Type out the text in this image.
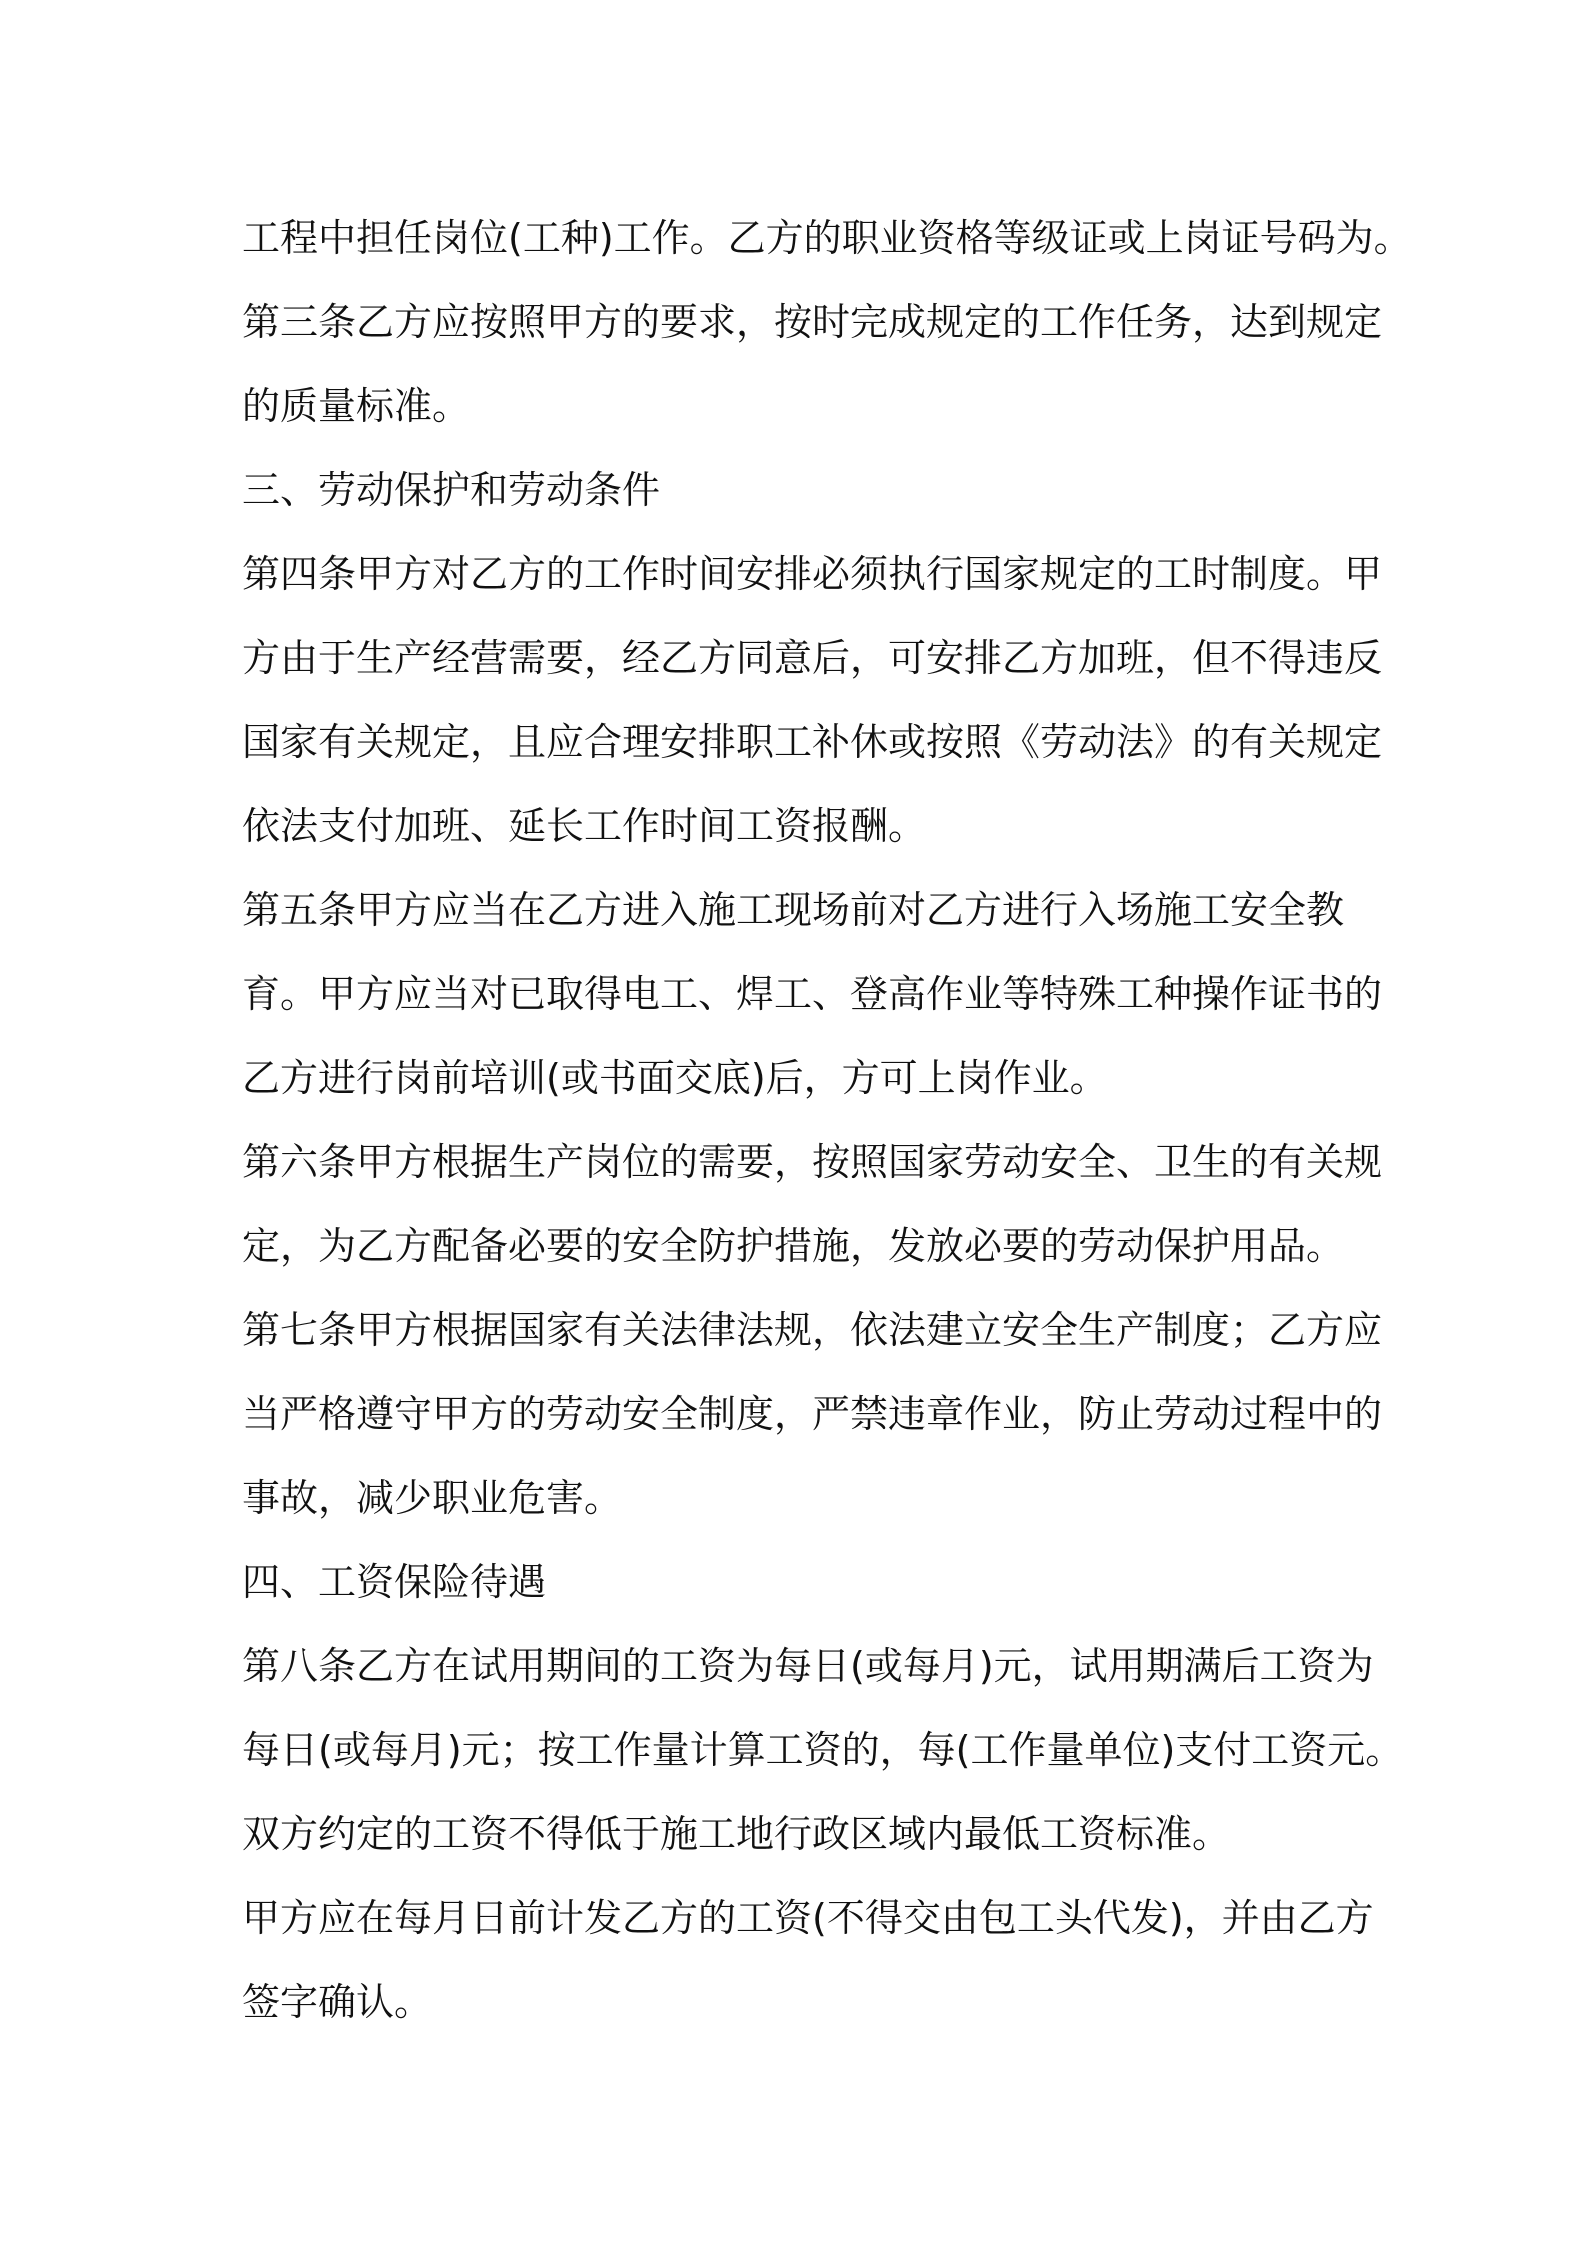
工程中担任岗位(工种)工作。乙方的职业资格等级证或上岗证号码为。
第三条乙方应按照甲方的要求，按时完成规定的工作任务，达到规定
的质量标准。
三、劳动保护和劳动条件
第四条甲方对乙方的工作时间安排必须执行国家规定的工时制度。甲
方由于生产经营需要，经乙方同意后，可安排乙方加班，但不得违反
国家有关规定，且应合理安排职工补休或按照《劳动法》的有关规定
依法支付加班、延长工作时间工资报酬。
第五条甲方应当在乙方进入施工现场前对乙方进行入场施工安全教
育。甲方应当对已取得电工、焊工、登高作业等特殊工种操作证书的
乙方进行岗前培训(或书面交底)后，方可上岗作业。
第六条甲方根据生产岗位的需要，按照国家劳动安全、卫生的有关规
定，为乙方配备必要的安全防护措施，发放必要的劳动保护用品。
第七条甲方根据国家有关法律法规，依法建立安全生产制度；乙方应
当严格遵守甲方的劳动安全制度，严禁违章作业，防止劳动过程中的
事故，减少职业危害。
四、工资保险待遇
第八条乙方在试用期间的工资为每日(或每月)元，试用期满后工资为
每日(或每月)元；按工作量计算工资的，每(工作量单位)支付工资元。
双方约定的工资不得低于施工地行政区域内最低工资标准。
甲方应在每月日前计发乙方的工资(不得交由包工头代发)，并由乙方
签字确认。
